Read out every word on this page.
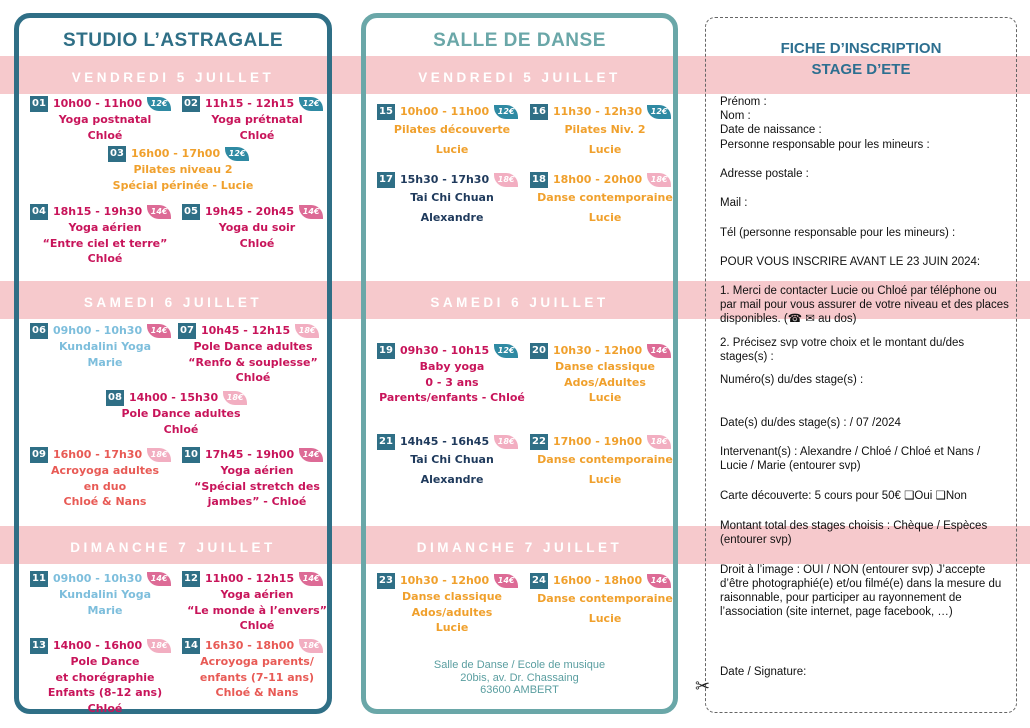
STUDIO L’ASTRAGALE
VENDREDI 5 JUILLET
SAMEDI 6 JUILLET
DIMANCHE 7 JUILLET
SALLE DE DANSE
VENDREDI 5 JUILLET
SAMEDI 6 JUILLET
DIMANCHE 7 JUILLET
Salle de Danse / Ecole de musique
20bis, av. Dr. Chassaing
63600 AMBERT
01 10h00 - 11h00	12€
Yoga postnatal
Chloé
02 11h15 - 12h15	12€
Yoga prétnatal
Chloé
03 16h00 - 17h00	12€
Pilates niveau 2
Spécial périnée - Lucie
04 18h15 - 19h30	14€
Yoga aérien
“Entre ciel et terre”
Chloé
05 19h45 - 20h45	14€
Yoga du soir
Chloé
06 09h00 - 10h30	14€
Kundalini Yoga
Marie
07 10h45 - 12h15	18€
Pole Dance adultes
“Renfo & souplesse”
Chloé
08 14h00 - 15h30	18€
Pole Dance adultes
Chloé
09 16h00 - 17h30	18€
Acroyoga adultes
en duo
Chloé & Nans
10 17h45 - 19h00	14€
Yoga aérien
“Spécial stretch des
jambes” - Chloé
11 09h00 - 10h30	14€
Kundalini Yoga
Marie
12 11h00 - 12h15	14€
Yoga aérien
“Le monde à l’envers”
Chloé
13 14h00 - 16h00	18€
Pole Dance
et chorégraphie
Enfants (8-12 ans) Chloé
14 16h30 - 18h00	18€
Acroyoga parents/
enfants (7-11 ans)
Chloé & Nans
15 10h00 - 11h00	12€
Pilates découverte
Lucie
16 11h30 - 12h30	12€
Pilates Niv. 2
Lucie
17 15h30 - 17h30	18€
Tai Chi Chuan
Alexandre
18 18h00 - 20h00	18€
Danse contemporaine
Lucie
19 09h30 - 10h15	12€
Baby yoga
0 - 3 ans
Parents/enfants - Chloé
20 10h30 - 12h00	14€
Danse classique
Ados/Adultes
Lucie
21 14h45 - 16h45	18€
Tai Chi Chuan
Alexandre
22 17h00 - 19h00	18€
Danse contemporaine
Lucie
23 10h30 - 12h00	14€
Danse classique
Ados/adultes
Lucie
24 16h00 - 18h00	14€
Danse contemporaine
Lucie
FICHE D’INSCRIPTION
STAGE D’ETE
Prénom :
Nom :
Date de naissance :
Personne responsable pour les mineurs :
Adresse postale :
Mail :
Tél (personne responsable pour les mineurs) :
POUR VOUS INSCRIRE AVANT LE 23 JUIN 2024:
1. Merci de contacter Lucie ou Chloé par téléphone ou par mail pour vous assurer de votre niveau et des places disponibles. (☎ ✉ au dos)
2. Précisez svp votre choix et le montant du/des stages(s) :
Numéro(s) du/des stage(s) :
Date(s) du/des stage(s) : / 07 /2024
Intervenant(s) : Alexandre / Chloé / Chloé et Nans / Lucie / Marie (entourer svp)
Carte découverte: 5 cours pour 50€ ❑Oui ❑Non
Montant total des stages choisis : Chèque / Espèces (entourer svp)
Droit à l’image : OUI / NON (entourer svp) J’accepte d’être photographié(e) et/ou filmé(e) dans la mesure du raisonnable, pour participer au rayonnement de l’association (site internet, page facebook, …)
Date / Signature:
✂
